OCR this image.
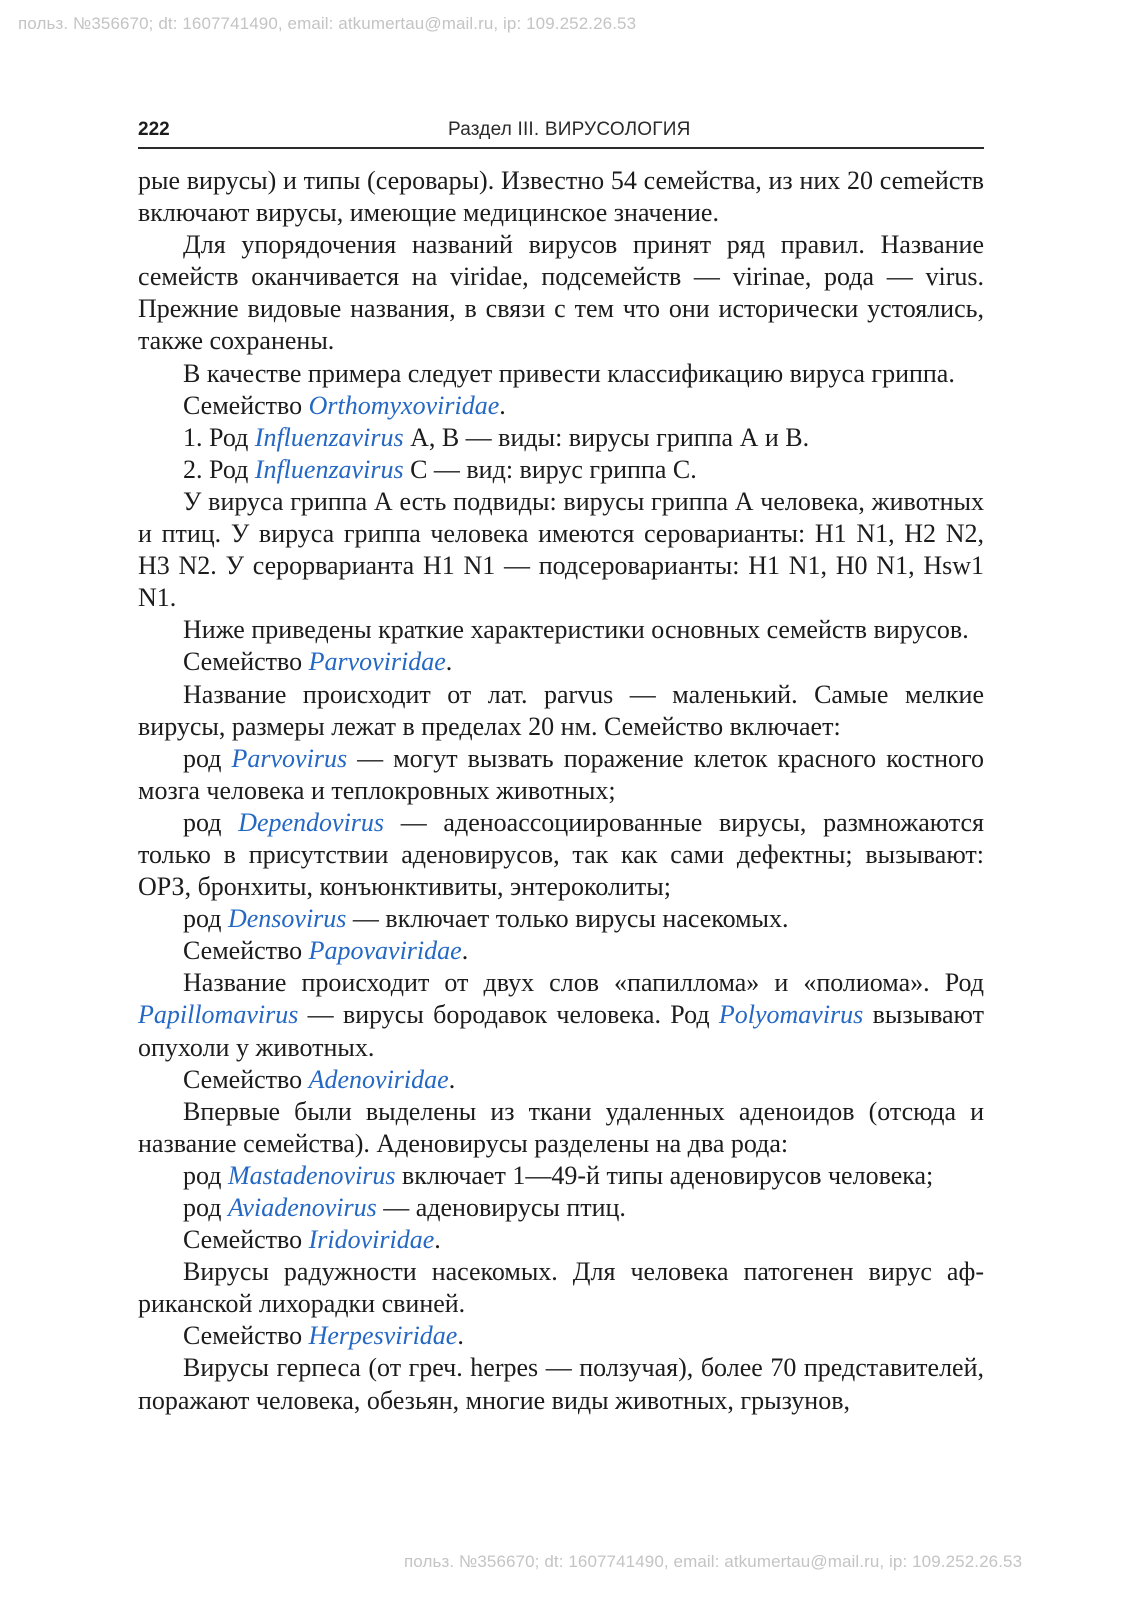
польз. №356670; dt: 1607741490, email: atkumertau@mail.ru, ip: 109.252.26.53
222	Раздел III. ВИРУСОЛОГИЯ

рые вирусы) и типы (серовары). Известно 54 семейства, из них 20 сеmейств включают вирусы, имеющие медицинское значение.

Для упорядочения названий вирусов принят ряд правил. Название семейств оканчивается на viridae, подсемейств — virinae, рода — virus. Прежние видовые названия, в связи с тем что они исторически устоялись, также сохранены.

В качестве примера следует привести классификацию вируса гриппа.

Семейство Orthomyxoviridae.

1. Род Influenzavirus А, В — виды: вирусы гриппа А и В.

2. Род Influenzavirus С — вид: вирус гриппа С.

У вируса гриппа А есть подвиды: вирусы гриппа А человека, животных и птиц. У вируса гриппа человека имеются сероварианты: H1 N1, H2 N2, H3 N2. У серорварианта H1 N1 — подсероварианты: H1 N1, H0 N1, Hsw1 N1.

Ниже приведены краткие характеристики основных семейств вирусов.

Семейство Parvoviridae.

Название происходит от лат. parvus — маленький. Самые мелкие вирусы, размеры лежат в пределах 20 нм. Семейство включает:

род Parvovirus — могут вызвать поражение клеток красного костного мозга человека и теплокровных животных;

род Dependovirus — аденоассоциированные вирусы, размножаются только в присутствии аденовирусов, так как сами дефектны; вызывают: ОРЗ, бронхиты, конъюнктивиты, энтероколиты;

род Densovirus — включает только вирусы насекомых.

Семейство Papovaviridae.

Название происходит от двух слов «папиллома» и «полиома». Род Papillomavirus — вирусы бородавок человека. Род Polyomavirus вызывают опухоли у животных.

Семейство Adenoviridae.

Впервые были выделены из ткани удаленных аденоидов (отсюда и название семейства). Аденовирусы разделены на два рода:

род Mastadenovirus включает 1—49-й типы аденовирусов человека;

род Aviadenovirus — аденовирусы птиц.

Семейство Iridoviridae.

Вирусы радужности насекомых. Для человека патогенен вирус африканской лихорадки свиней.

Семейство Herpesviridae.

Вирусы герпеса (от греч. herpes — ползучая), более 70 представителей, поражают человека, обезьян, многие виды животных, грызунов,

польз. №356670; dt: 1607741490, email: atkumertau@mail.ru, ip: 109.252.26.53
